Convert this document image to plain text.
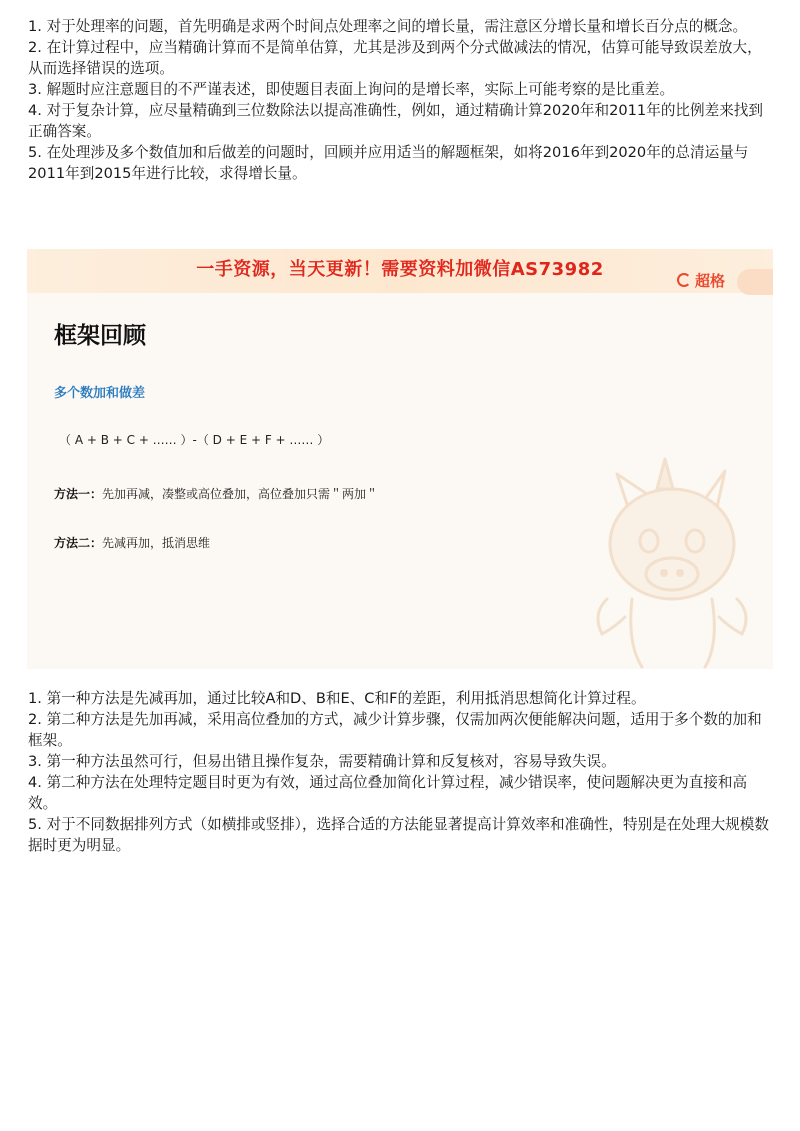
1. 对于处理率的问题，首先明确是求两个时间点处理率之间的增长量，需注意区分增长量和增长百分点的概念。

2. 在计算过程中，应当精确计算而不是简单估算，尤其是涉及到两个分式做减法的情况，估算可能导致误差放大，从而选择错误的选项。

3. 解题时应注意题目的不严谨表述，即使题目表面上询问的是增长率，实际上可能考察的是比重差。

4. 对于复杂计算，应尽量精确到三位数除法以提高准确性，例如，通过精确计算2020年和2011年的比例差来找到正确答案。

5. 在处理涉及多个数值加和后做差的问题时，回顾并应用适当的解题框架，如将2016年到2020年的总清运量与2011年到2015年进行比较，求得增长量。

一手资源，当天更新！需要资料加微信AS73982
超格
框架回顾
多个数加和做差
（ A + B + C + …… ）-（ D + E + F + …… ）
方法一：先加再减，凑整或高位叠加，高位叠加只需＂两加＂
方法二：先减再加，抵消思维

1. 第一种方法是先减再加，通过比较A和D、B和E、C和F的差距，利用抵消思想简化计算过程。

2. 第二种方法是先加再减，采用高位叠加的方式，减少计算步骤，仅需加两次便能解决问题，适用于多个数的加和框架。

3. 第一种方法虽然可行，但易出错且操作复杂，需要精确计算和反复核对，容易导致失误。

4. 第二种方法在处理特定题目时更为有效，通过高位叠加简化计算过程，减少错误率，使问题解决更为直接和高效。

5. 对于不同数据排列方式（如横排或竖排），选择合适的方法能显著提高计算效率和准确性，特别是在处理大规模数据时更为明显。
